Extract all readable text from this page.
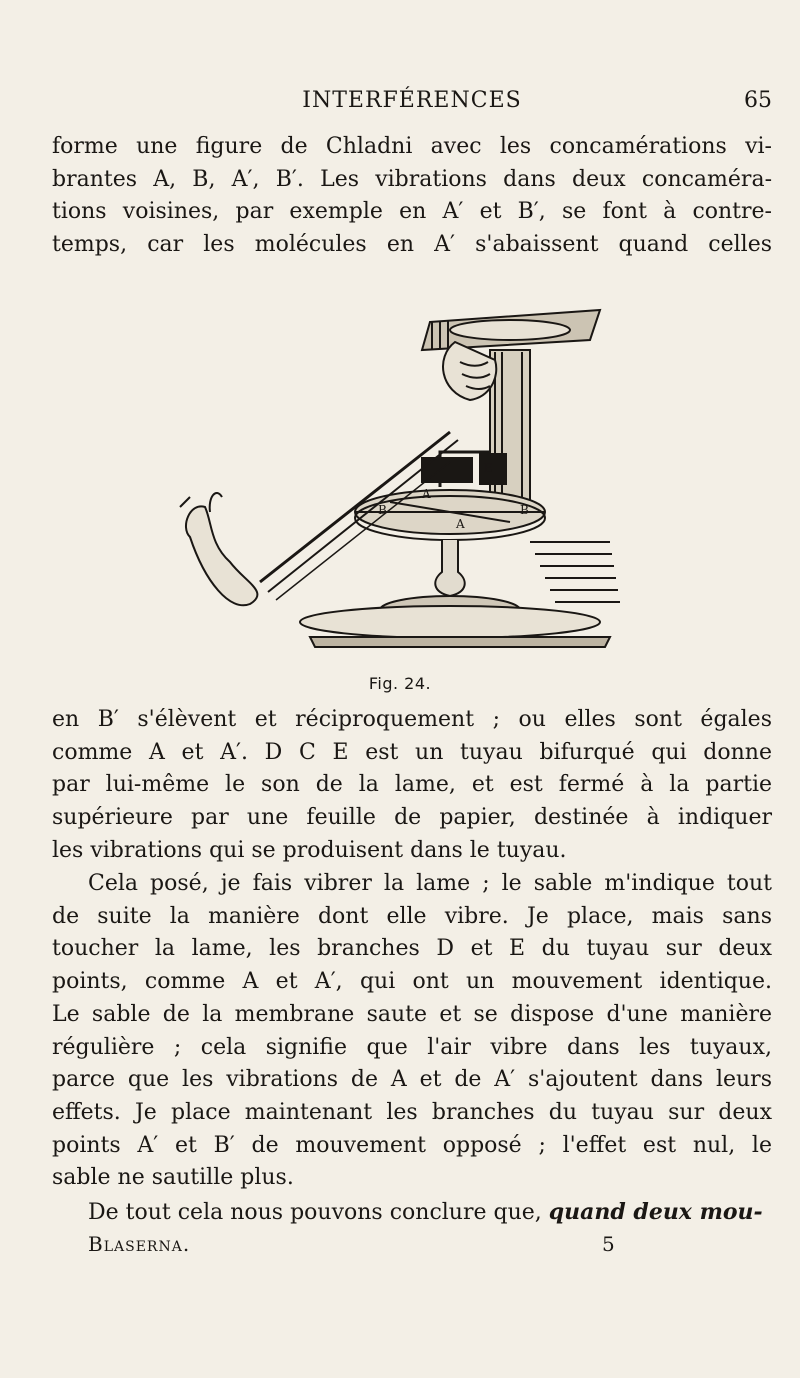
INTERFÉRENCES	65
forme une figure de Chladni avec les concamérations vi-
brantes A, B, A′, B′. Les vibrations dans deux concaméra-
tions voisines, par exemple en A′ et B′, se font à contre-
temps, car les molécules en A′ s'abaissent quand celles
B	B
A
A
E
Fig. 24.
en B′ s'élèvent et réciproquement ; ou elles sont égales
comme A et A′. D C E est un tuyau bifurqué qui donne
par lui-même le son de la lame, et est fermé à la partie
supérieure par une feuille de papier, destinée à indiquer
les vibrations qui se produisent dans le tuyau.
Cela posé, je fais vibrer la lame ; le sable m'indique tout
de suite la manière dont elle vibre. Je place, mais sans
toucher la lame, les branches D et E du tuyau sur deux
points, comme A et A′, qui ont un mouvement identique.
Le sable de la membrane saute et se dispose d'une manière
régulière ; cela signifie que l'air vibre dans les tuyaux,
parce que les vibrations de A et de A′ s'ajoutent dans leurs
effets. Je place maintenant les branches du tuyau sur deux
points A′ et B′ de mouvement opposé ; l'effet est nul, le
sable ne sautille plus.
De tout cela nous pouvons conclure que, quand deux mou-
Blaserna.	5
